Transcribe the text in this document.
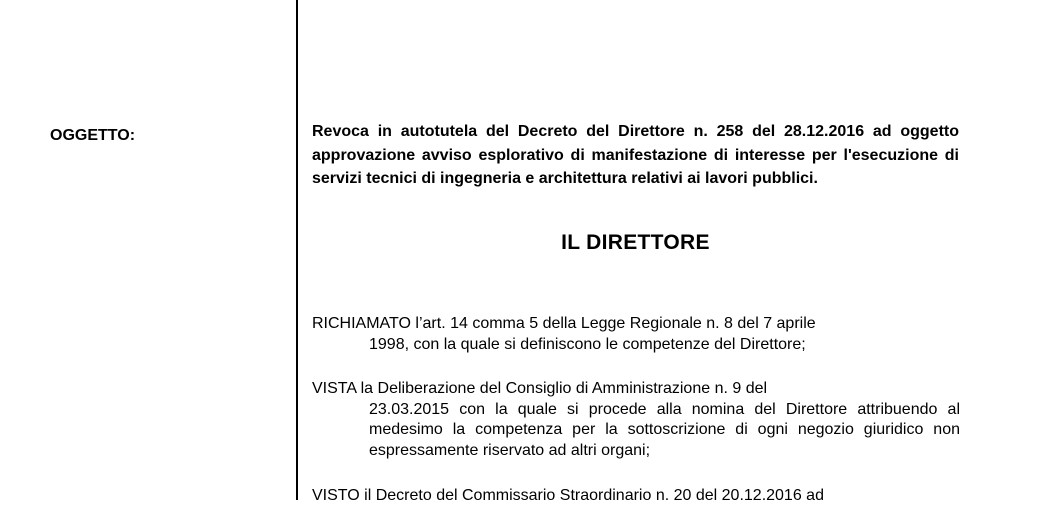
OGGETTO:	Revoca in autotutela del Decreto del Direttore n. 258 del 28.12.2016 ad oggetto approvazione avviso esplorativo di manifestazione di interesse per l'esecuzione di servizi tecnici di ingegneria e architettura relativi ai lavori pubblici.
IL DIRETTORE
RICHIAMATO l’art. 14 comma 5 della Legge Regionale n. 8 del 7 aprile
1998, con la quale si definiscono le competenze del Direttore;
VISTA la Deliberazione del Consiglio di Amministrazione n. 9 del
23.03.2015 con la quale si procede alla nomina del Direttore attribuendo al medesimo la competenza per la sottoscrizione di ogni negozio giuridico non espressamente riservato ad altri organi;
VISTO il Decreto del Commissario Straordinario n. 20 del 20.12.2016 ad
